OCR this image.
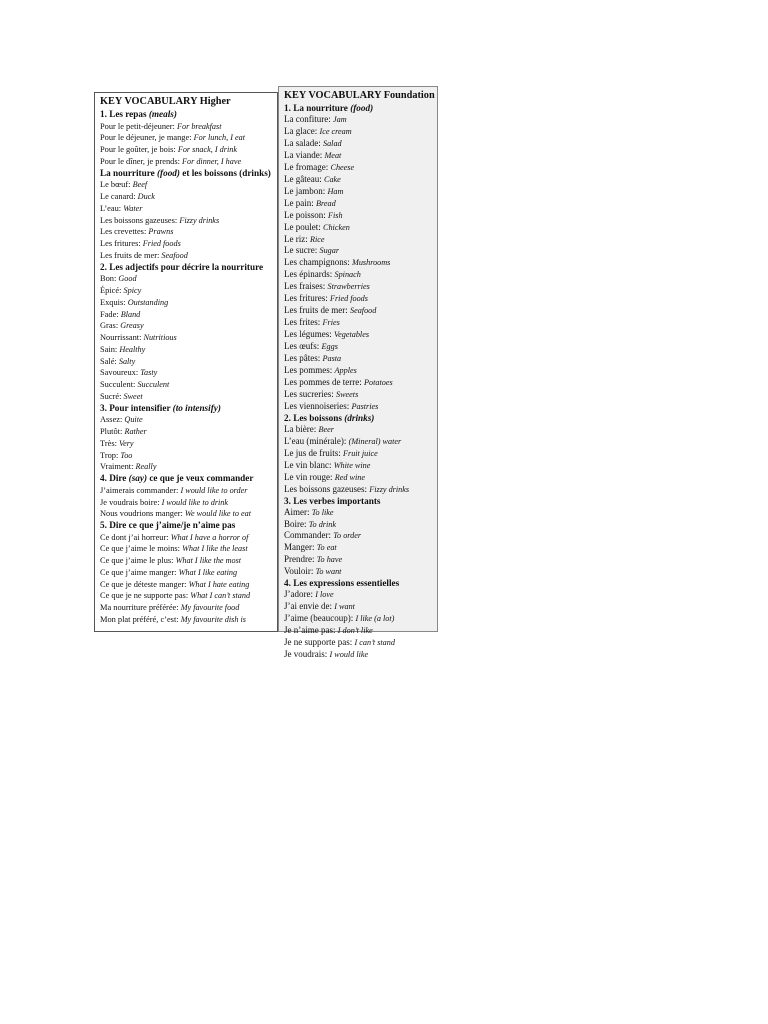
KEY VOCABULARY Higher
1. Les repas (meals)
Pour le petit-déjeuner: For breakfast
Pour le déjeuner, je mange: For lunch, I eat
Pour le goûter, je bois: For snack, I drink
Pour le dîner, je prends: For dinner, I have
La nourriture (food) et les boissons (drinks)
Le bœuf: Beef
Le canard: Duck
L’eau: Water
Les boissons gazeuses: Fizzy drinks
Les crevettes: Prawns
Les fritures: Fried foods
Les fruits de mer: Seafood
2. Les adjectifs pour décrire la nourriture
Bon: Good
Épicé: Spicy
Exquis: Outstanding
Fade: Bland
Gras: Greasy
Nourrissant: Nutritious
Sain: Healthy
Salé: Salty
Savoureux: Tasty
Succulent: Succulent
Sucré: Sweet
3. Pour intensifier (to intensify)
Assez: Quite
Plutôt: Rather
Très: Very
Trop: Too
Vraiment: Really
4. Dire (say) ce que je veux commander
J’aimerais commander: I would like to order
Je voudrais boire: I would like to drink
Nous voudrions manger: We would like to eat
5. Dire ce que j’aime/je n’aime pas
Ce dont j’ai horreur: What I have a horror of
Ce que j’aime le moins: What I like the least
Ce que j’aime le plus: What I like the most
Ce que j’aime manger: What I like eating
Ce que je déteste manger: What I hate eating
Ce que je ne supporte pas: What I can’t stand
Ma nourriture préférée: My favourite food
Mon plat préféré, c’est: My favourite dish is
KEY VOCABULARY Foundation
1. La nourriture (food)
La confiture: Jam
La glace: Ice cream
La salade: Salad
La viande: Meat
Le fromage: Cheese
Le gâteau: Cake
Le jambon: Ham
Le pain: Bread
Le poisson: Fish
Le poulet: Chicken
Le riz: Rice
Le sucre: Sugar
Les champignons: Mushrooms
Les épinards: Spinach
Les fraises: Strawberries
Les fritures: Fried foods
Les fruits de mer: Seafood
Les frites: Fries
Les légumes: Vegetables
Les œufs: Eggs
Les pâtes: Pasta
Les pommes: Apples
Les pommes de terre: Potatoes
Les sucreries: Sweets
Les viennoiseries: Pastries
2. Les boissons (drinks)
La bière: Beer
L’eau (minérale): (Mineral) water
Le jus de fruits: Fruit juice
Le vin blanc: White wine
Le vin rouge: Red wine
Les boissons gazeuses: Fizzy drinks
3. Les verbes importants
Aimer: To like
Boire: To drink
Commander: To order
Manger: To eat
Prendre: To have
Vouloir: To want
4. Les expressions essentielles
J’adore: I love
J’ai envie de: I want
J’aime (beaucoup): I like (a lot)
Je n’aime pas: I don’t like
Je ne supporte pas: I can’t stand
Je voudrais: I would like
